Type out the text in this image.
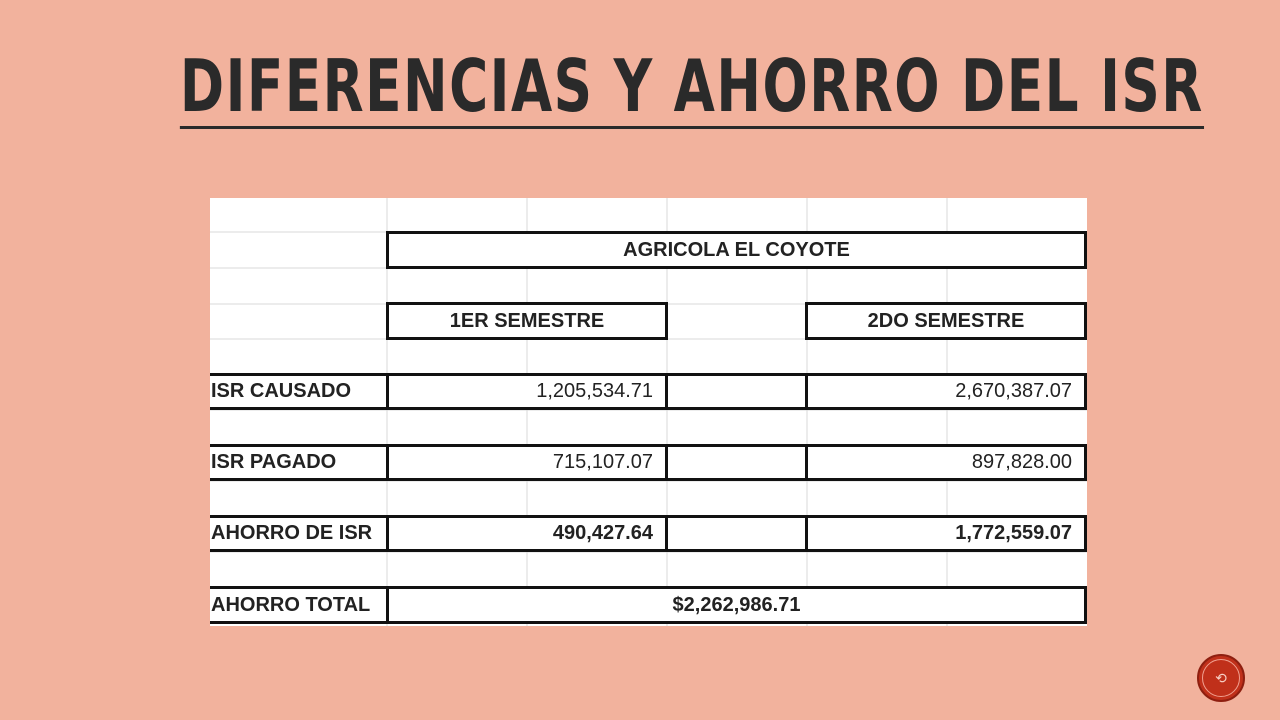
DIFERENCIAS Y AHORRO DEL ISR
AGRICOLA EL COYOTE
1ER SEMESTRE	2DO SEMESTRE
ISR CAUSADO	1,205,534.71	2,670,387.07
ISR PAGADO	715,107.07	897,828.00
AHORRO DE ISR	490,427.64	1,772,559.07
AHORRO TOTAL	$2,262,986.71
⟲
